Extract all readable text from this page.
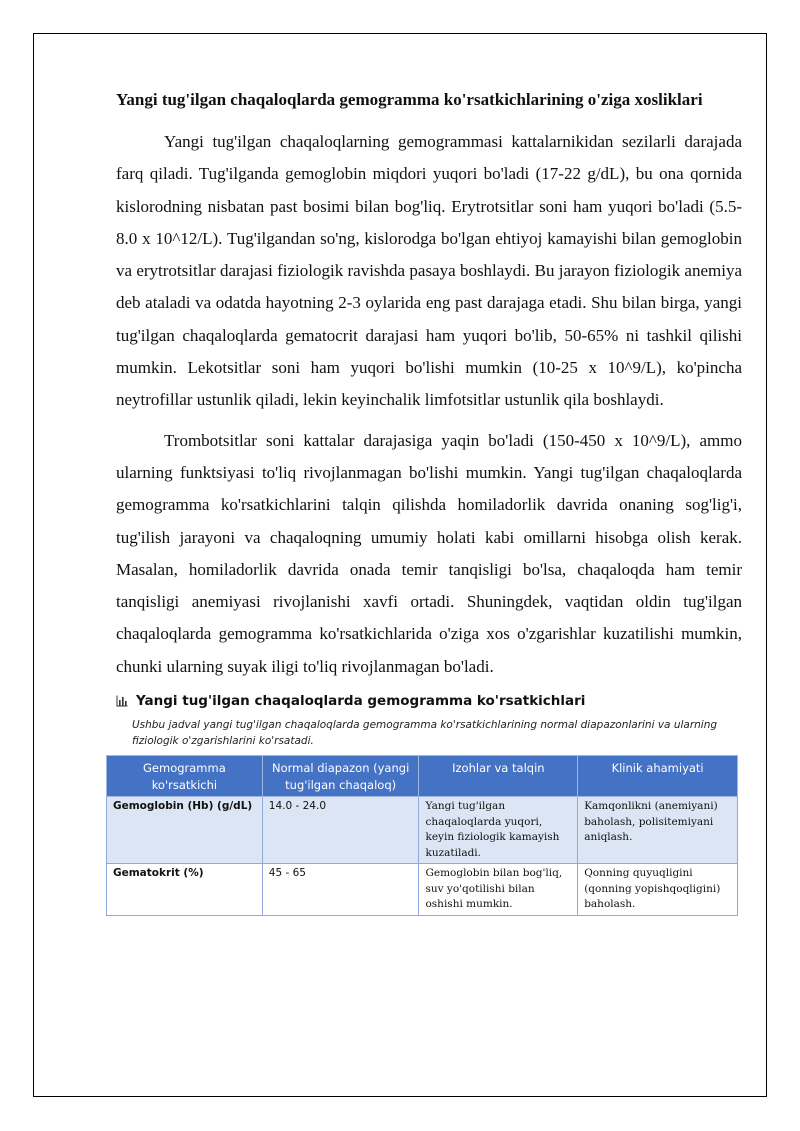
Yangi tug'ilgan chaqaloqlarda gemogramma ko'rsatkichlarining o'ziga xosliklari

Yangi tug'ilgan chaqaloqlarning gemogrammasi kattalarnikidan sezilarli darajada farq qiladi. Tug'ilganda gemoglobin miqdori yuqori bo'ladi (17-22 g/dL), bu ona qornida kislorodning nisbatan past bosimi bilan bog'liq. Erytrotsitlar soni ham yuqori bo'ladi (5.5-8.0 x 10^12/L). Tug'ilgandan so'ng, kislorodga bo'lgan ehtiyoj kamayishi bilan gemoglobin va erytrotsitlar darajasi fiziologik ravishda pasaya boshlaydi. Bu jarayon fiziologik anemiya deb ataladi va odatda hayotning 2-3 oylarida eng past darajaga etadi. Shu bilan birga, yangi tug'ilgan chaqaloqlarda gematocrit darajasi ham yuqori bo'lib, 50-65% ni tashkil qilishi mumkin. Lekotsitlar soni ham yuqori bo'lishi mumkin (10-25 x 10^9/L), ko'pincha neytrofillar ustunlik qiladi, lekin keyinchalik limfotsitlar ustunlik qila boshlaydi.

Trombotsitlar soni kattalar darajasiga yaqin bo'ladi (150-450 x 10^9/L), ammo ularning funktsiyasi to'liq rivojlanmagan bo'lishi mumkin. Yangi tug'ilgan chaqaloqlarda gemogramma ko'rsatkichlarini talqin qilishda homiladorlik davrida onaning sog'lig'i, tug'ilish jarayoni va chaqaloqning umumiy holati kabi omillarni hisobga olish kerak. Masalan, homiladorlik davrida onada temir tanqisligi bo'lsa, chaqaloqda ham temir tanqisligi anemiyasi rivojlanishi xavfi ortadi. Shuningdek, vaqtidan oldin tug'ilgan chaqaloqlarda gemogramma ko'rsatkichlarida o'ziga xos o'zgarishlar kuzatilishi mumkin, chunki ularning suyak iligi to'liq rivojlanmagan bo'ladi.

Yangi tug'ilgan chaqaloqlarda gemogramma ko'rsatkichlari
Ushbu jadval yangi tug'ilgan chaqaloqlarda gemogramma ko'rsatkichlarining normal diapazonlarini va ularning fiziologik o'zgarishlarini ko'rsatadi.
Gemogramma ko'rsatkichi	Normal diapazon (yangi tug'ilgan chaqaloq)	Izohlar va talqin	Klinik ahamiyati
Gemoglobin (Hb) (g/dL)	14.0 - 24.0	Yangi tug'ilgan chaqaloqlarda yuqori, keyin fiziologik kamayish kuzatiladi.	Kamqonlikni (anemiyani) baholash, polisitemiyani aniqlash.
Gematokrit (%)	45 - 65	Gemoglobin bilan bog'liq, suv yo'qotilishi bilan oshishi mumkin.	Qonning quyuqligini (qonning yopishqoqligini) baholash.
